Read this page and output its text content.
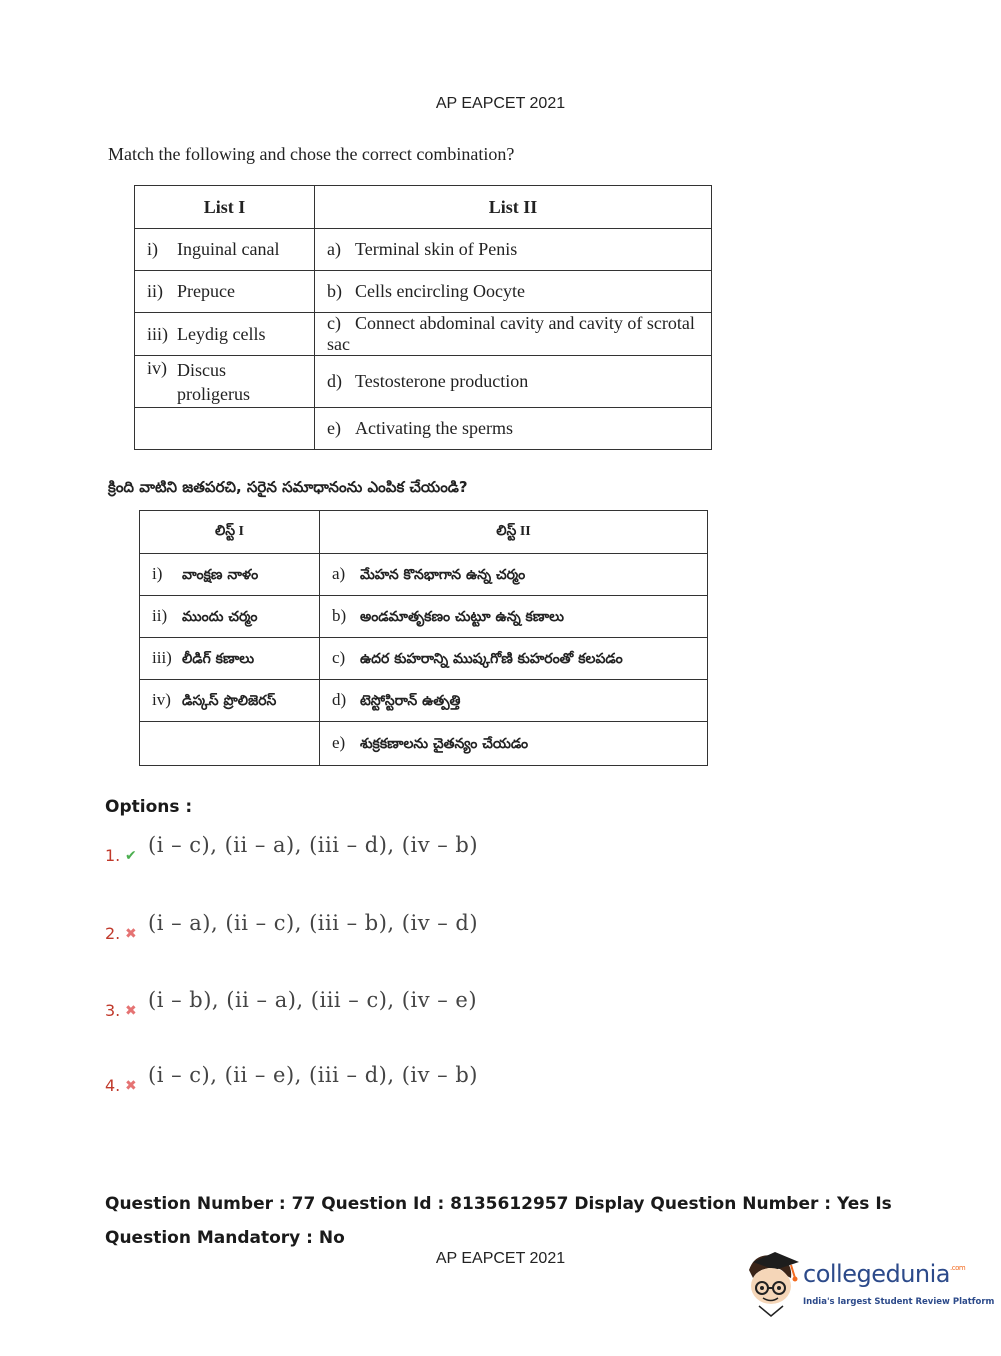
AP EAPCET 2021
Match the following and chose the correct combination?
List I	List II
i) Inguinal canal	a) Terminal skin of Penis
ii) Prepuce	b) Cells encircling Oocyte
iii) Leydig cells	c) Connect abdominal cavity and cavity of scrotal sac

iv) Discus proligerus	d) Testosterone production
	e) Activating the sperms
క్రింది వాటిని జతపరచి, సరైన సమాధానంను ఎంపిక చేయండి?
లిస్ట్ I	లిస్ట్ II
i) వాంక్షణ నాళం	a) మేహన కొనభాగాన ఉన్న చర్మం
ii) ముందు చర్మం	b) అండమాతృకణం చుట్టూ ఉన్న కణాలు
iii) లీడిగ్ కణాలు	c) ఉదర కుహరాన్ని ముష్కగోణి కుహరంతో కలపడం
iv) డిస్కస్ ప్రొలిజెరస్	d) టెస్టోస్టిరాన్ ఉత్పత్తి
	e) శుక్రకణాలను చైతన్యం చేయడం
Options :
1. ✔ (i – c), (ii – a), (iii – d), (iv – b)
2. ✖ (i – a), (ii – c), (iii – b), (iv – d)
3. ✖ (i – b), (ii – a), (iii – c), (iv – e)
4. ✖ (i – c), (ii – e), (iii – d), (iv – b)
Question Number : 77 Question Id : 8135612957 Display Question Number : Yes Is Question Mandatory : No
AP EAPCET 2021
collegedunia$^{.com}$
India's largest Student Review Platform
